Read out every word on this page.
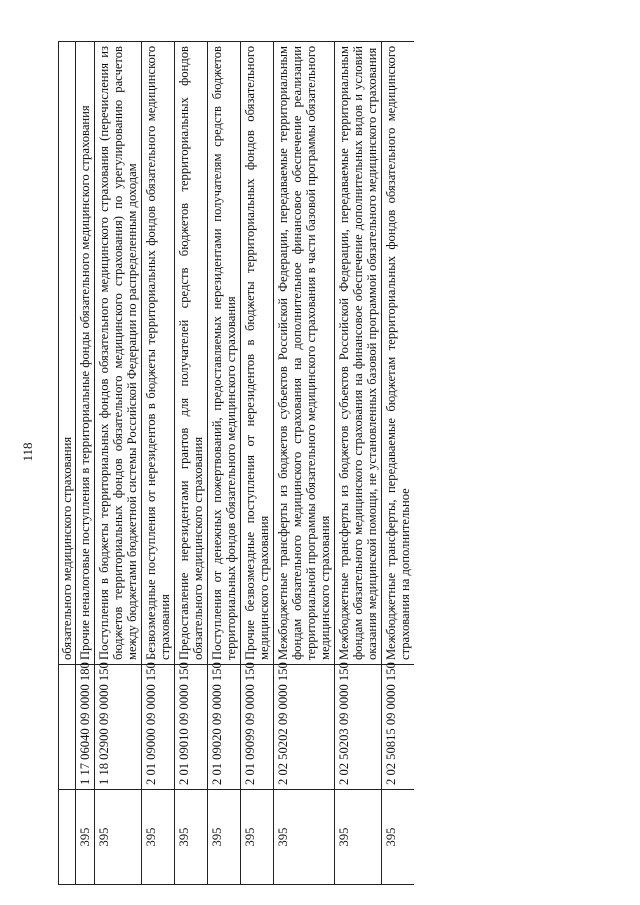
118
		обязательного медицинского страхования
395	1 17 06040 09 0000 180	Прочие неналоговые поступления в территориальные фонды обязательного медицинского страхования
395	1 18 02900 09 0000 150	Поступления в бюджеты территориальных фондов обязательного медицинского страхования (перечисления из бюджетов территориальных фондов обязательного медицинского страхования) по урегулированию расчетов между бюджетами бюджетной системы Российской Федерации по распределенным доходам
395	2 01 09000 09 0000 150	Безвозмездные поступления от нерезидентов в бюджеты территориальных фондов обязательного медицинского страхования
395	2 01 09010 09 0000 150	Предоставление нерезидентами грантов для получателей средств бюджетов территориальных фондов обязательного медицинского страхования
395	2 01 09020 09 0000 150	Поступления от денежных пожертвований, предоставляемых нерезидентами получателям средств бюджетов территориальных фондов обязательного медицинского страхования
395	2 01 09099 09 0000 150	Прочие безвозмездные поступления от нерезидентов в бюджеты территориальных фондов обязательного медицинского страхования
395	2 02 50202 09 0000 150	Межбюджетные трансферты из бюджетов субъектов Российской Федерации, передаваемые территориальным фондам обязательного медицинского страхования на дополнительное финансовое обеспечение реализации территориальной программы обязательного медицинского страхования в части базовой программы обязательного медицинского страхования
395	2 02 50203 09 0000 150	Межбюджетные трансферты из бюджетов субъектов Российской Федерации, передаваемые территориальным фондам обязательного медицинского страхования на финансовое обеспечение дополнительных видов и условий оказания медицинской помощи, не установленных базовой программой обязательного медицинского страхования
395	2 02 50815 09 0000 150	Межбюджетные трансферты, передаваемые бюджетам территориальных фондов обязательного медицинского страхования на дополнительное
